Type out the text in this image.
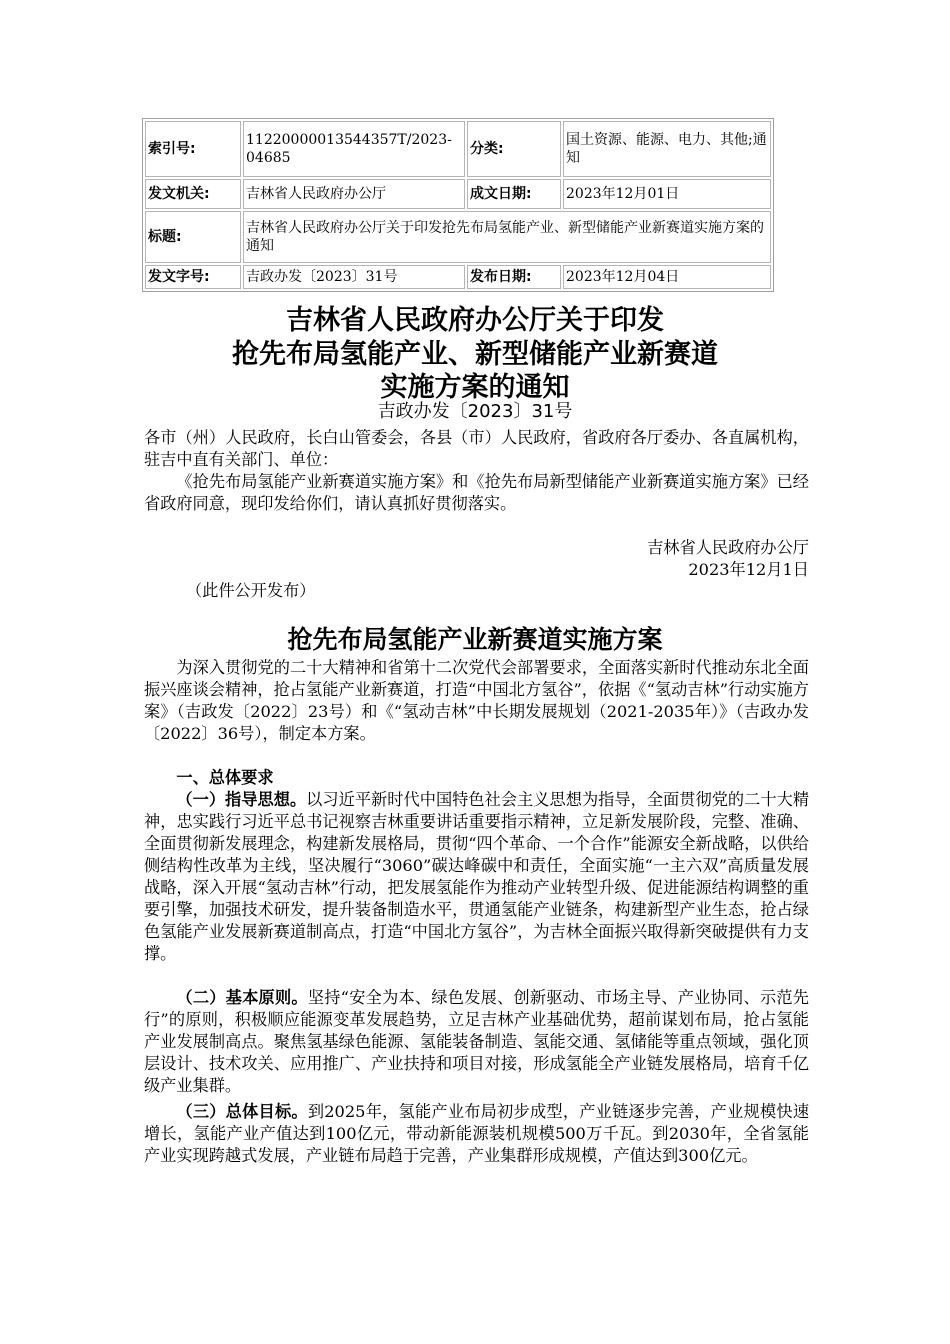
索引号:	11220000013544357T/2023-04685	分类:	国土资源、能源、电力、其他;通知
发文机关:	吉林省人民政府办公厅	成文日期:	2023年12月01日
标题:	吉林省人民政府办公厅关于印发抢先布局氢能产业、新型储能产业新赛道实施方案的通知		
发文字号:	吉政办发〔2023〕31号	发布日期:	2023年12月04日
吉林省人民政府办公厅关于印发
抢先布局氢能产业、新型储能产业新赛道
实施方案的通知
吉政办发〔2023〕31号

各市（州）人民政府，长白山管委会，各县（市）人民政府，省政府各厅委办、各直属机构，驻吉中直有关部门、单位：

《抢先布局氢能产业新赛道实施方案》和《抢先布局新型储能产业新赛道实施方案》已经省政府同意，现印发给你们，请认真抓好贯彻落实。

吉林省人民政府办公厅
2023年12月1日
（此件公开发布）
抢先布局氢能产业新赛道实施方案

为深入贯彻党的二十大精神和省第十二次党代会部署要求，全面落实新时代推动东北全面振兴座谈会精神，抢占氢能产业新赛道，打造“中国北方氢谷”，依据《“氢动吉林”行动实施方案》（吉政发〔2022〕23号）和《“氢动吉林”中长期发展规划（2021-2035年）》（吉政办发〔2022〕36号），制定本方案。

一、总体要求

（一）指导思想。以习近平新时代中国特色社会主义思想为指导，全面贯彻党的二十大精神，忠实践行习近平总书记视察吉林重要讲话重要指示精神，立足新发展阶段，完整、准确、全面贯彻新发展理念，构建新发展格局，贯彻“四个革命、一个合作”能源安全新战略，以供给侧结构性改革为主线，坚决履行“3060”碳达峰碳中和责任，全面实施“一主六双”高质量发展战略，深入开展“氢动吉林”行动，把发展氢能作为推动产业转型升级、促进能源结构调整的重要引擎，加强技术研发，提升装备制造水平，贯通氢能产业链条，构建新型产业生态，抢占绿色氢能产业发展新赛道制高点，打造“中国北方氢谷”，为吉林全面振兴取得新突破提供有力支撑。

（二）基本原则。坚持“安全为本、绿色发展、创新驱动、市场主导、产业协同、示范先行”的原则，积极顺应能源变革发展趋势，立足吉林产业基础优势，超前谋划布局，抢占氢能产业发展制高点。聚焦氢基绿色能源、氢能装备制造、氢能交通、氢储能等重点领域，强化顶层设计、技术攻关、应用推广、产业扶持和项目对接，形成氢能全产业链发展格局，培育千亿级产业集群。

（三）总体目标。到2025年，氢能产业布局初步成型，产业链逐步完善，产业规模快速增长，氢能产业产值达到100亿元，带动新能源装机规模500万千瓦。到2030年，全省氢能产业实现跨越式发展，产业链布局趋于完善，产业集群形成规模，产值达到300亿元。
